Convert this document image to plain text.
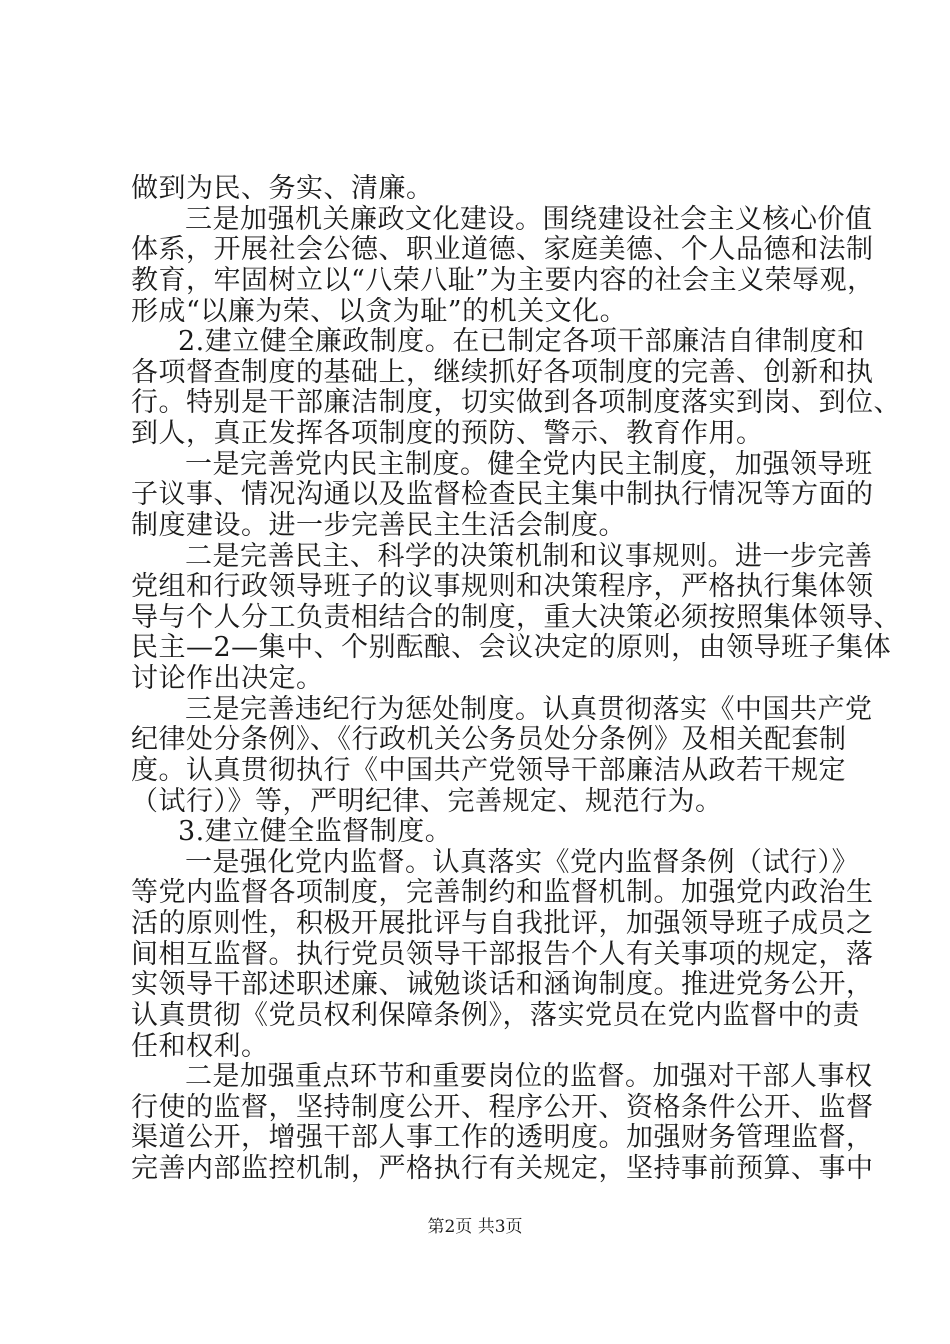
做到为民、务实、清廉。
三是加强机关廉政文化建设。围绕建设社会主义核心价值
体系，开展社会公德、职业道德、家庭美德、个人品德和法制
教育，牢固树立以“八荣八耻”为主要内容的社会主义荣辱观，
形成“以廉为荣、以贪为耻”的机关文化。
2.建立健全廉政制度。在已制定各项干部廉洁自律制度和
各项督查制度的基础上，继续抓好各项制度的完善、创新和执
行。特别是干部廉洁制度，切实做到各项制度落实到岗、到位、
到人，真正发挥各项制度的预防、警示、教育作用。
一是完善党内民主制度。健全党内民主制度，加强领导班
子议事、情况沟通以及监督检查民主集中制执行情况等方面的
制度建设。进一步完善民主生活会制度。
二是完善民主、科学的决策机制和议事规则。进一步完善
党组和行政领导班子的议事规则和决策程序，严格执行集体领
导与个人分工负责相结合的制度，重大决策必须按照集体领导、
民主—2—集中、个别酝酿、会议决定的原则，由领导班子集体
讨论作出决定。
三是完善违纪行为惩处制度。认真贯彻落实《中国共产党
纪律处分条例》、《行政机关公务员处分条例》及相关配套制
度。认真贯彻执行《中国共产党领导干部廉洁从政若干规定
（试行）》等，严明纪律、完善规定、规范行为。
3.建立健全监督制度。
一是强化党内监督。认真落实《党内监督条例（试行）》
等党内监督各项制度，完善制约和监督机制。加强党内政治生
活的原则性，积极开展批评与自我批评，加强领导班子成员之
间相互监督。执行党员领导干部报告个人有关事项的规定，落
实领导干部述职述廉、诫勉谈话和涵询制度。推进党务公开，
认真贯彻《党员权利保障条例》，落实党员在党内监督中的责
任和权利。
二是加强重点环节和重要岗位的监督。加强对干部人事权
行使的监督，坚持制度公开、程序公开、资格条件公开、监督
渠道公开，增强干部人事工作的透明度。加强财务管理监督，
完善内部监控机制，严格执行有关规定，坚持事前预算、事中
第2页 共3页
